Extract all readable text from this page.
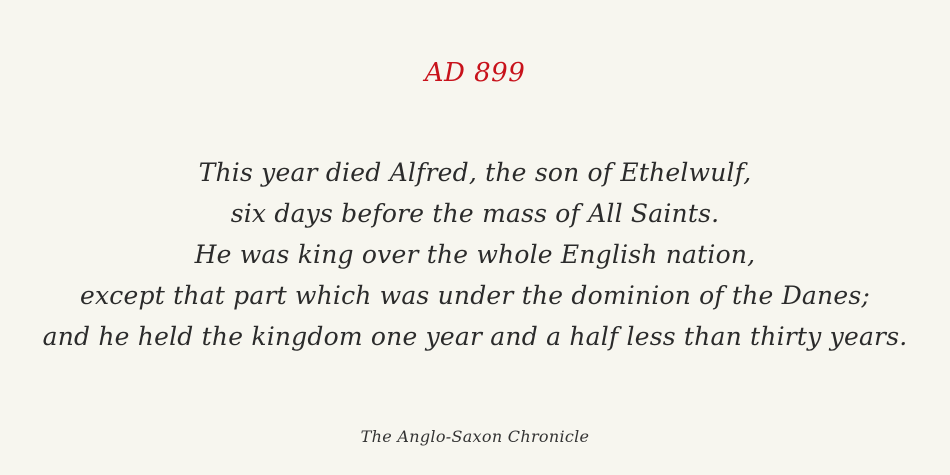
AD 899
This year died Alfred, the son of Ethelwulf,
six days before the mass of All Saints.
He was king over the whole English nation,
except that part which was under the dominion of the Danes;
and he held the kingdom one year and a half less than thirty years.
The Anglo-Saxon Chronicle
